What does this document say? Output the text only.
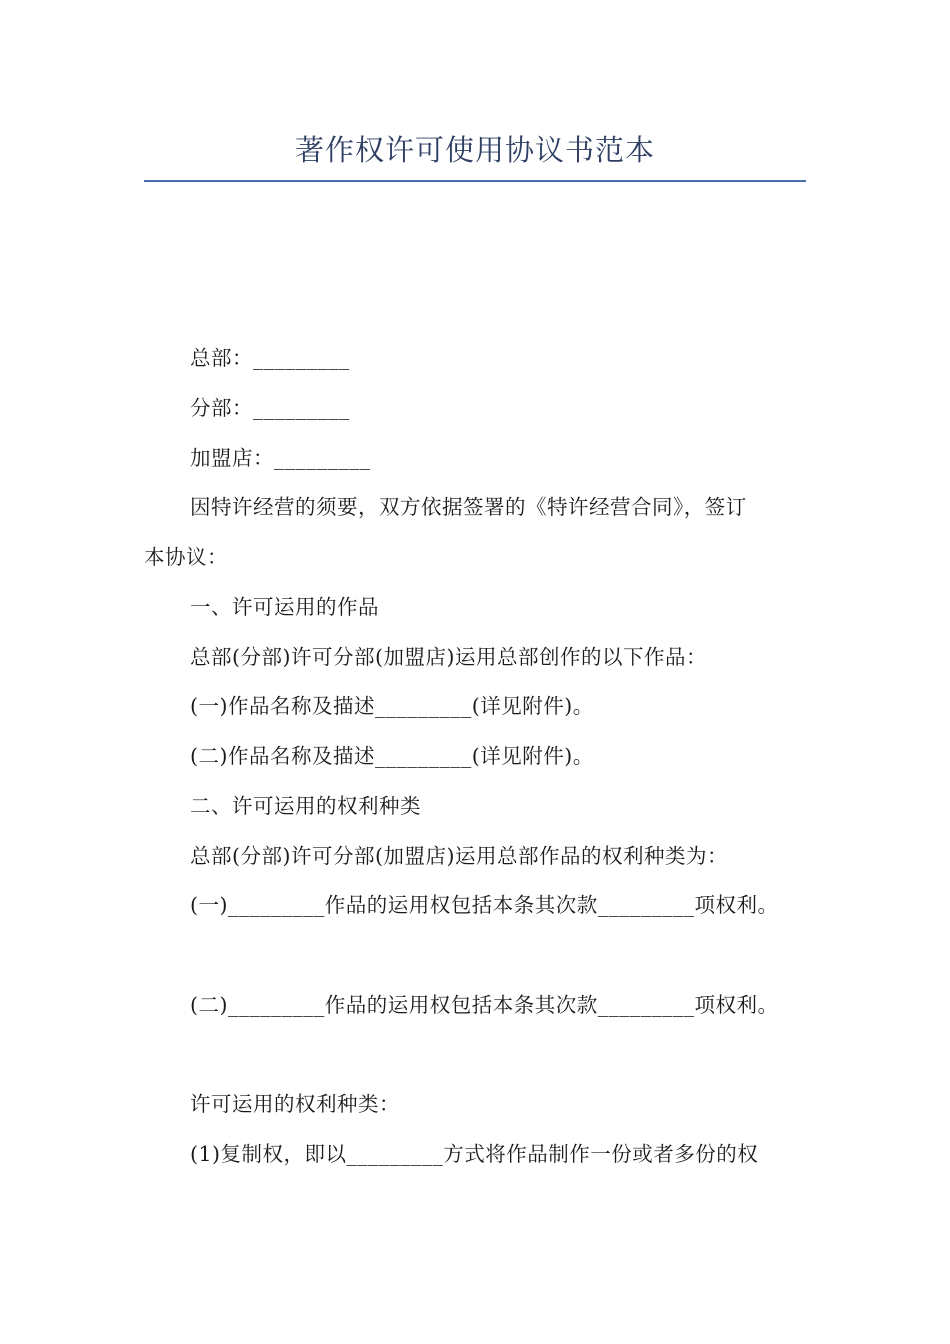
著作权许可使用协议书范本
总部：_________
分部：_________
加盟店：_________
因特许经营的须要，双方依据签署的《特许经营合同》，签订
本协议：
一、许可运用的作品
总部(分部)许可分部(加盟店)运用总部创作的以下作品：
(一)作品名称及描述_________(详见附件)。
(二)作品名称及描述_________(详见附件)。
二、许可运用的权利种类
总部(分部)许可分部(加盟店)运用总部作品的权利种类为：
(一)_________作品的运用权包括本条其次款_________项权利。
(二)_________作品的运用权包括本条其次款_________项权利。
许可运用的权利种类：
(1)复制权，即以_________方式将作品制作一份或者多份的权
